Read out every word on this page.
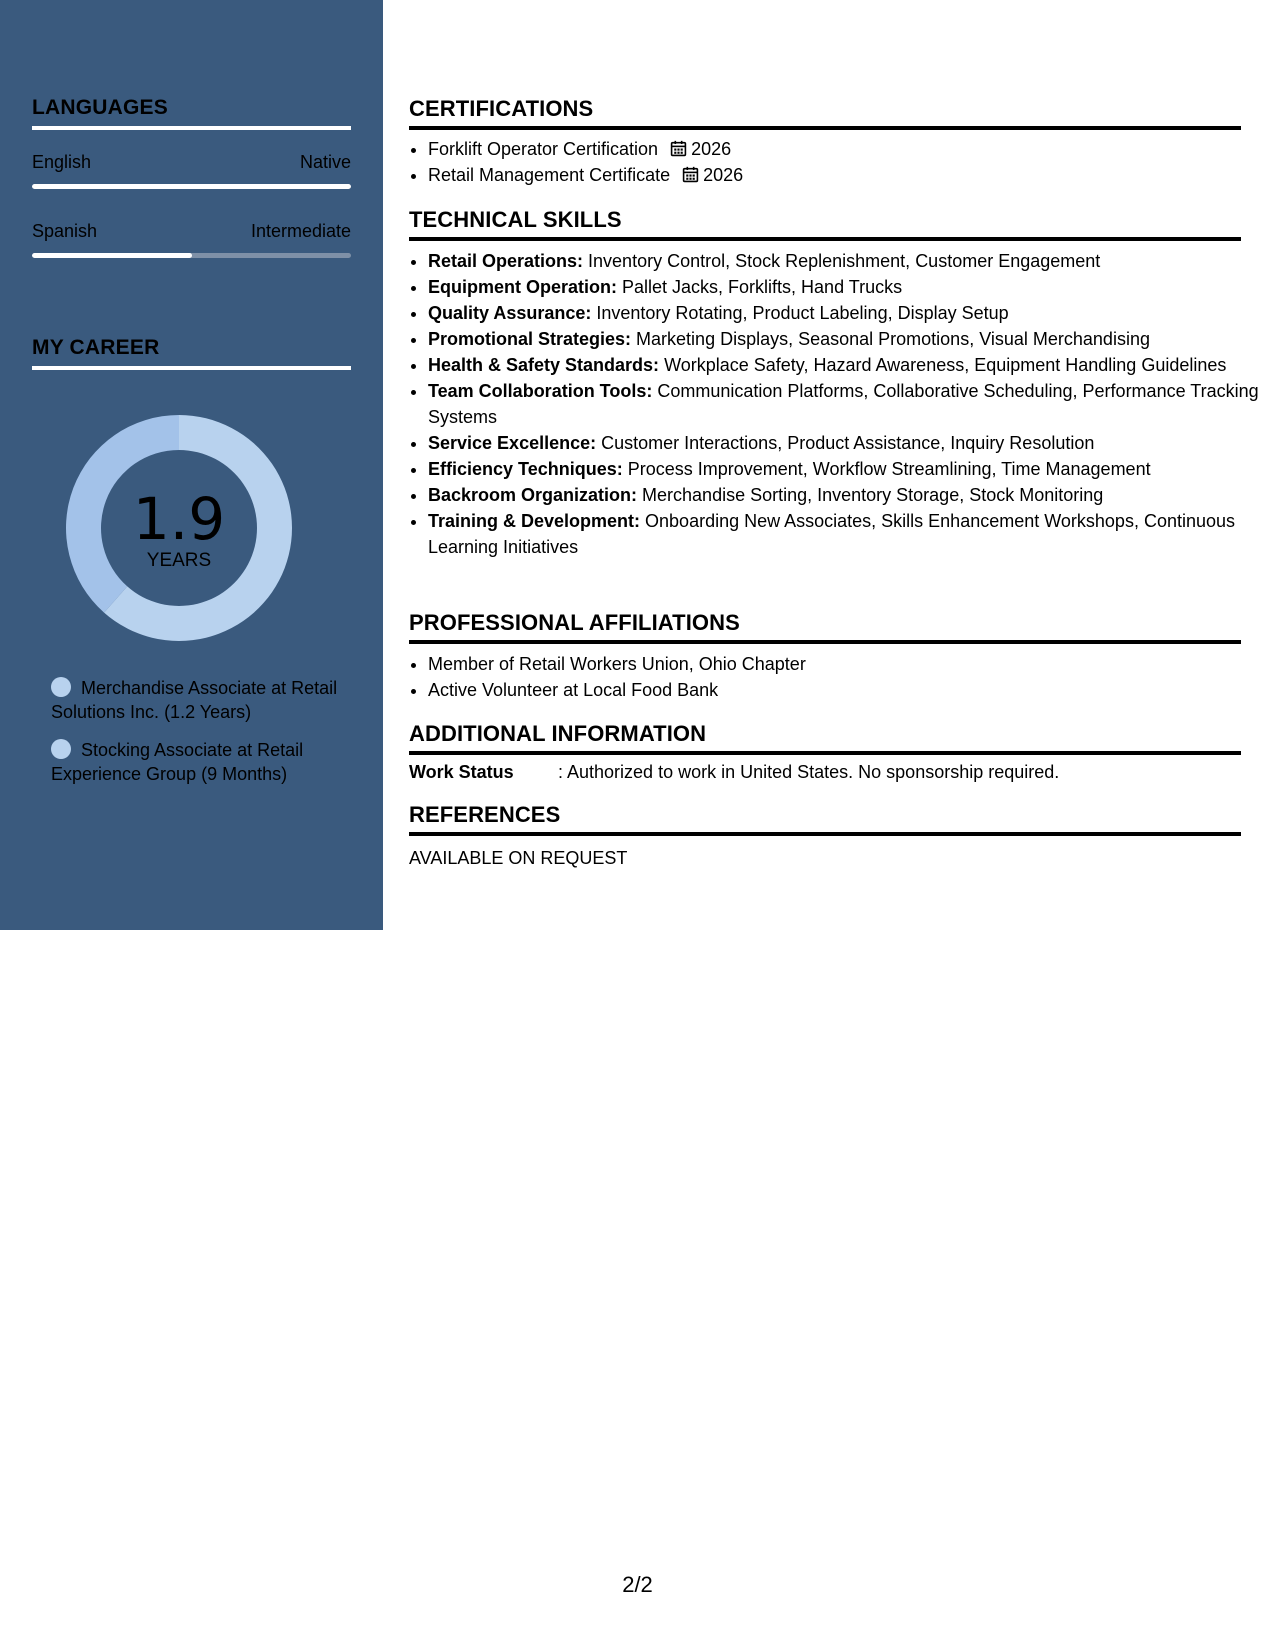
LANGUAGES
English	Native
Spanish	Intermediate
MY CAREER
1.9
YEARS
Merchandise Associate at Retail Solutions Inc. (1.2 Years)
Stocking Associate at Retail Experience Group (9 Months)
CERTIFICATIONS
• Forklift Operator Certification 2026
• Retail Management Certificate 2026
TECHNICAL SKILLS
• Retail Operations: Inventory Control, Stock Replenishment, Customer Engagement
• Equipment Operation: Pallet Jacks, Forklifts, Hand Trucks
• Quality Assurance: Inventory Rotating, Product Labeling, Display Setup
• Promotional Strategies: Marketing Displays, Seasonal Promotions, Visual Merchandising
• Health & Safety Standards: Workplace Safety, Hazard Awareness, Equipment Handling Guidelines
• Team Collaboration Tools: Communication Platforms, Collaborative Scheduling, Performance Tracking Systems
• Service Excellence: Customer Interactions, Product Assistance, Inquiry Resolution
• Efficiency Techniques: Process Improvement, Workflow Streamlining, Time Management
• Backroom Organization: Merchandise Sorting, Inventory Storage, Stock Monitoring
• Training & Development: Onboarding New Associates, Skills Enhancement Workshops, Continuous Learning Initiatives
PROFESSIONAL AFFILIATIONS
• Member of Retail Workers Union, Ohio Chapter
• Active Volunteer at Local Food Bank
ADDITIONAL INFORMATION
Work Status : Authorized to work in United States. No sponsorship required.
REFERENCES
AVAILABLE ON REQUEST
2/2
